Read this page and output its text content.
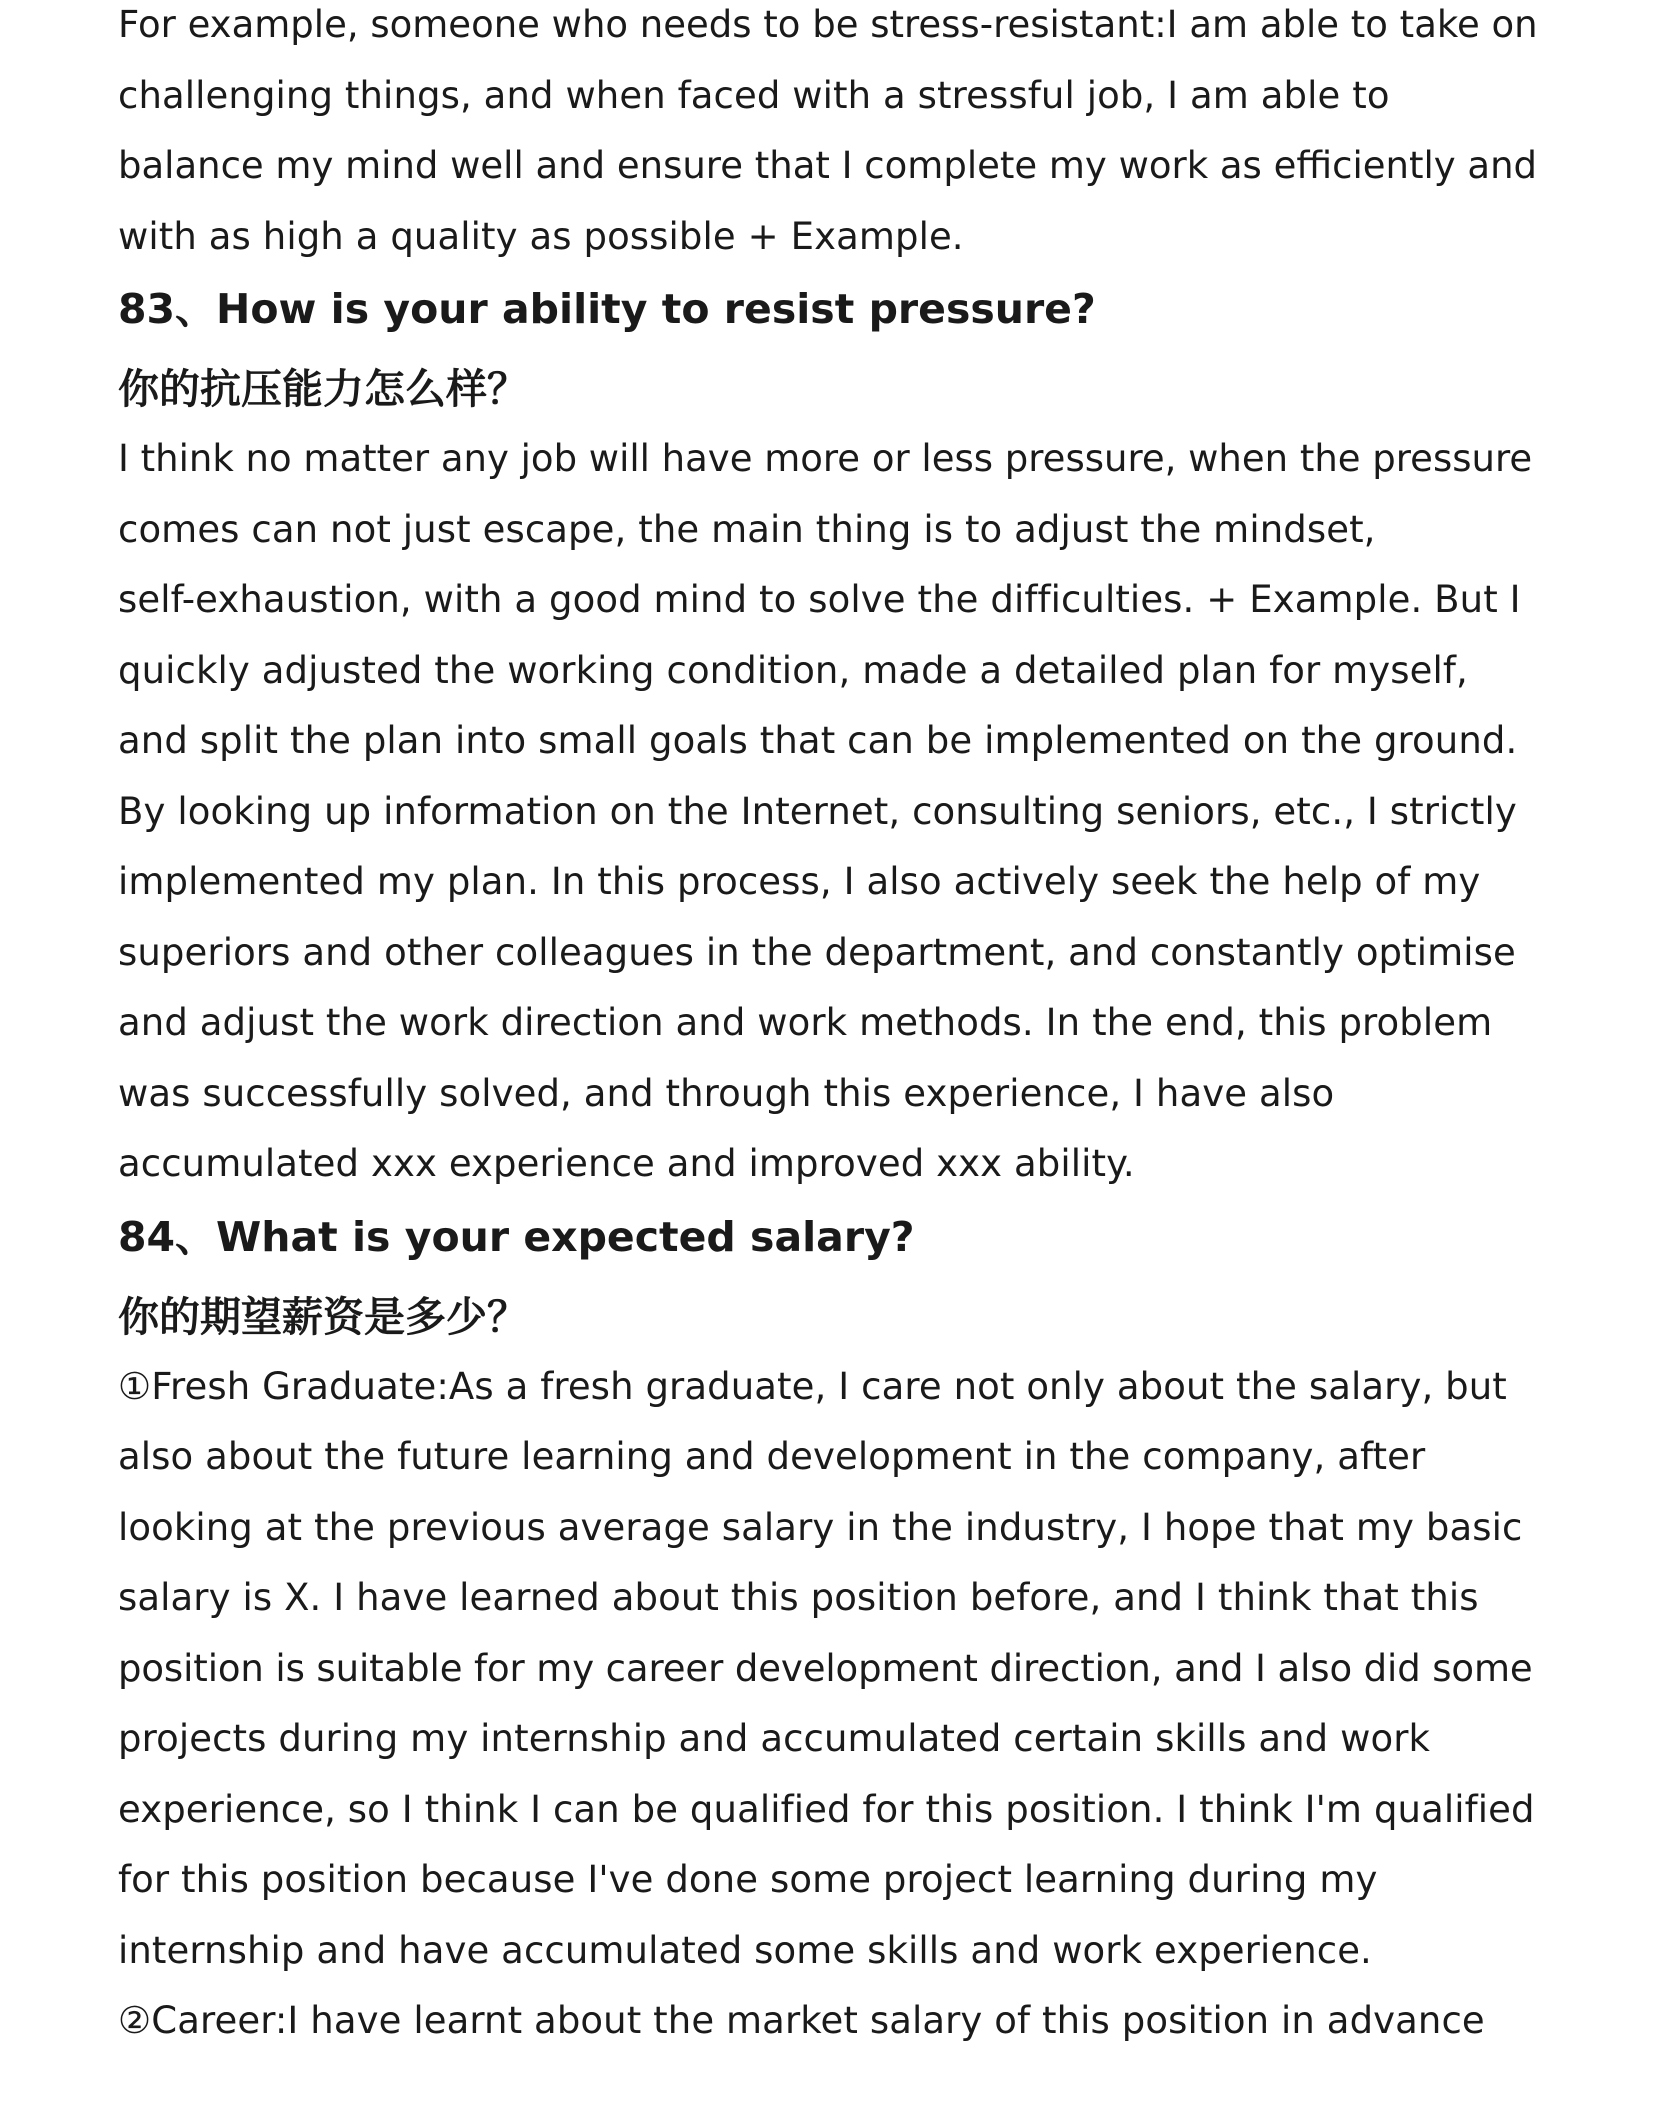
For example, someone who needs to be stress-resistant:I am able to take on
challenging things, and when faced with a stressful job, I am able to
balance my mind well and ensure that I complete my work as efficiently and
with as high a quality as possible + Example.

83、How is your ability to resist pressure?
你的抗压能力怎么样？

I think no matter any job will have more or less pressure, when the pressure
comes can not just escape, the main thing is to adjust the mindset,
self-exhaustion, with a good mind to solve the difficulties. + Example. But I
quickly adjusted the working condition, made a detailed plan for myself,
and split the plan into small goals that can be implemented on the ground.
By looking up information on the Internet, consulting seniors, etc., I strictly
implemented my plan. In this process, I also actively seek the help of my
superiors and other colleagues in the department, and constantly optimise
and adjust the work direction and work methods. In the end, this problem
was successfully solved, and through this experience, I have also
accumulated xxx experience and improved xxx ability.

84、What is your expected salary?
你的期望薪资是多少？

①Fresh Graduate:As a fresh graduate, I care not only about the salary, but
also about the future learning and development in the company, after
looking at the previous average salary in the industry, I hope that my basic
salary is X. I have learned about this position before, and I think that this
position is suitable for my career development direction, and I also did some
projects during my internship and accumulated certain skills and work
experience, so I think I can be qualified for this position. I think I'm qualified
for this position because I've done some project learning during my
internship and have accumulated some skills and work experience.
②Career:I have learnt about the market salary of this position in advance
